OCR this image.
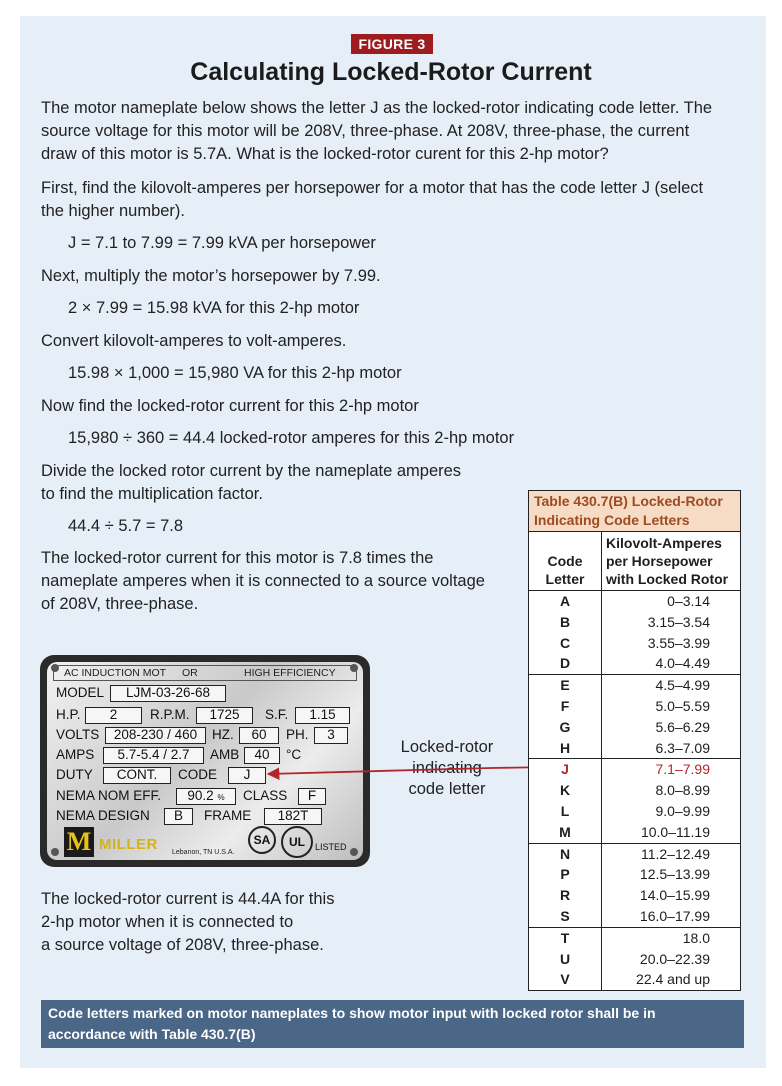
FIGURE 3
Calculating Locked-Rotor Current
The motor nameplate below shows the letter J as the locked-rotor indicating code letter. The
source voltage for this motor will be 208V, three-phase. At 208V, three-phase, the current
draw of this motor is 5.7A. What is the locked-rotor curent for this 2-hp motor?
First, find the kilovolt-amperes per horsepower for a motor that has the code letter J (select
the higher number).
J = 7.1 to 7.99 = 7.99 kVA per horsepower
Next, multiply the motor’s horsepower by 7.99.
2 × 7.99 = 15.98 kVA for this 2-hp motor
Convert kilovolt-amperes to volt-amperes.
15.98 × 1,000 = 15,980 VA for this 2-hp motor
Now find the locked-rotor current for this 2-hp motor
15,980 ÷ 360 = 44.4 locked-rotor amperes for this 2-hp motor
Divide the locked rotor current by the nameplate amperes
to find the multiplication factor.
44.4 ÷ 5.7 = 7.8
The locked-rotor current for this motor is 7.8 times the
nameplate amperes when it is connected to a source voltage
of 208V, three-phase.
AC INDUCTION MOT OR	HIGH EFFICIENCY
MODEL	LJM-03-26-68
H.P.	2	R.P.M.	1725	S.F.	1.15
VOLTS	208-230 / 460	HZ.	60	PH.	3
AMPS	5.7-5.4 / 2.7	AMB	40	°C
DUTY	CONT.	CODE	J
NEMA NOM EFF.	90.2 %	CLASS	F
NEMA DESIGN	B	FRAME	182T
M MILLER Lebanon, TN U.S.A.
SA	UL	LISTED
Locked-rotor
indicating
code letter
The locked-rotor current is 44.4A for this
2-hp motor when it is connected to
a source voltage of 208V, three-phase.
Table 430.7(B) Locked-Rotor
Indicating Code Letters
Code
Letter
Kilovolt-Amperes
per Horsepower
with Locked Rotor
A	0–3.14
B	3.15–3.54
C	3.55–3.99
D	4.0–4.49
E	4.5–4.99
F	5.0–5.59
G	5.6–6.29
H	6.3–7.09
J	7.1–7.99
K	8.0–8.99
L	9.0–9.99
M	10.0–11.19
N	11.2–12.49
P	12.5–13.99
R	14.0–15.99
S	16.0–17.99
T	18.0
U	20.0–22.39
V	22.4 and up
Code letters marked on motor nameplates to show motor input with locked rotor shall be in
accordance with Table 430.7(B)
